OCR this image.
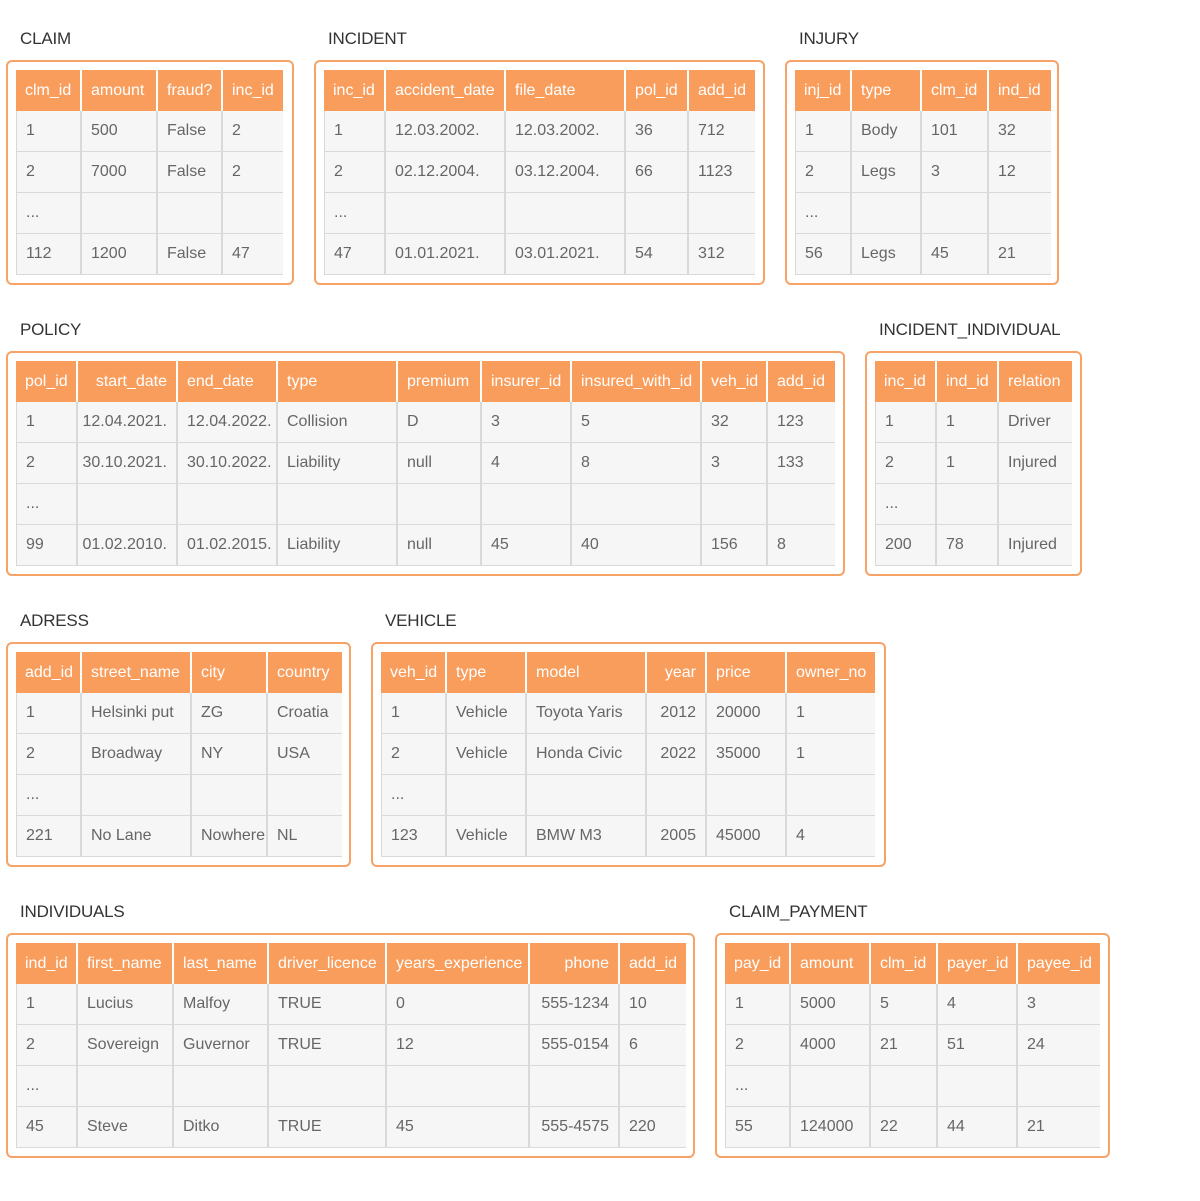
CLAIM
clm_id	amount	fraud?	inc_id
1	500	False	2
2	7000	False	2
...			
112	1200	False	47
INCIDENT
inc_id	accident_date	file_date	pol_id	add_id
1	12.03.2002.	12.03.2002.	36	712
2	02.12.2004.	03.12.2004.	66	1123
...				
47	01.01.2021.	03.01.2021.	54	312
INJURY
inj_id	type	clm_id	ind_id
1	Body	101	32
2	Legs	3	12
...			
56	Legs	45	21
POLICY
pol_id	start_date	end_date	type	premium	insurer_id	insured_with_id	veh_id	add_id
1	12.04.2021.	12.04.2022.	Collision	D	3	5	32	123
2	30.10.2021.	30.10.2022.	Liability	null	4	8	3	133
...								
99	01.02.2010.	01.02.2015.	Liability	null	45	40	156	8
INCIDENT_INDIVIDUAL
inc_id	ind_id	relation
1	1	Driver
2	1	Injured
...		
200	78	Injured
ADRESS
add_id	street_name	city	country
1	Helsinki put	ZG	Croatia
2	Broadway	NY	USA
...			
221	No Lane	Nowhere	NL
VEHICLE
veh_id	type	model	year	price	owner_no
1	Vehicle	Toyota Yaris	2012	20000	1
2	Vehicle	Honda Civic	2022	35000	1
...					
123	Vehicle	BMW M3	2005	45000	4
INDIVIDUALS
ind_id	first_name	last_name	driver_licence	years_experience	phone	add_id
1	Lucius	Malfoy	TRUE	0	555-1234	10
2	Sovereign	Guvernor	TRUE	12	555-0154	6
...						
45	Steve	Ditko	TRUE	45	555-4575	220
CLAIM_PAYMENT
pay_id	amount	clm_id	payer_id	payee_id
1	5000	5	4	3
2	4000	21	51	24
...				
55	124000	22	44	21
